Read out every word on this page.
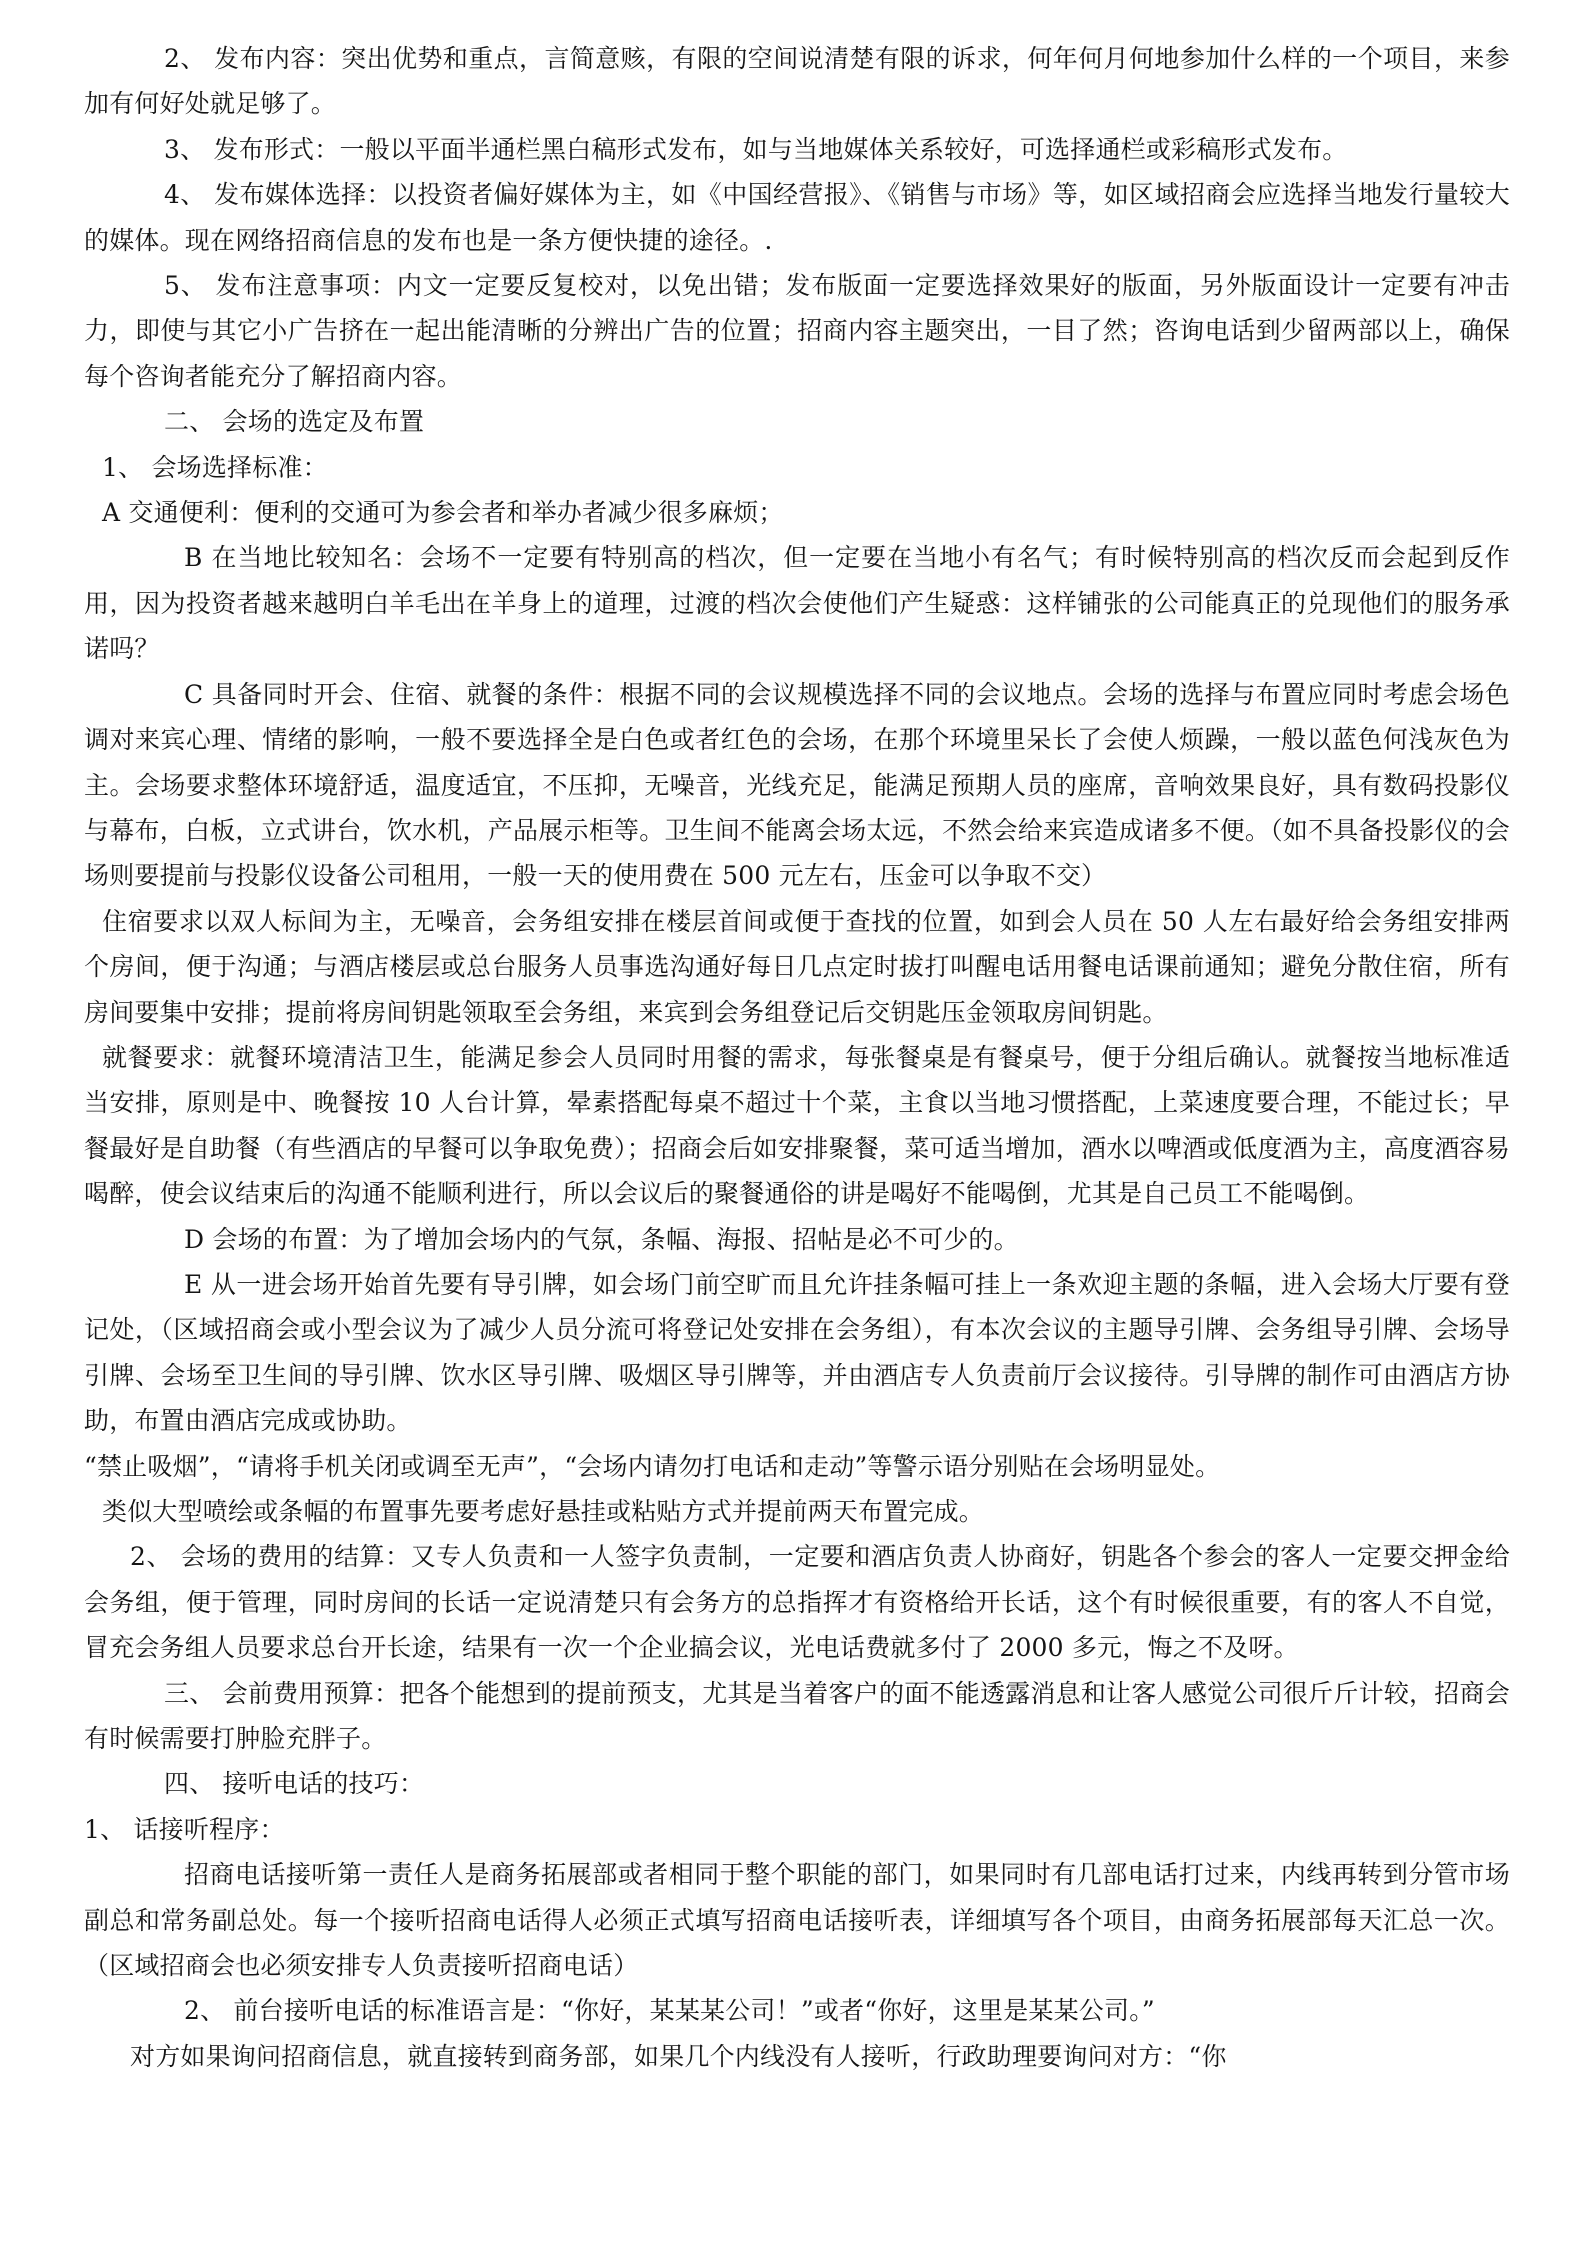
2、 发布内容：突出优势和重点，言简意赅，有限的空间说清楚有限的诉求，何年何月何地参加什么样的一个项目，来参加有何好处就足够了。

3、 发布形式：一般以平面半通栏黑白稿形式发布，如与当地媒体关系较好，可选择通栏或彩稿形式发布。

4、 发布媒体选择：以投资者偏好媒体为主，如《中国经营报》、《销售与市场》等，如区域招商会应选择当地发行量较大的媒体。现在网络招商信息的发布也是一条方便快捷的途径。.

5、 发布注意事项：内文一定要反复校对，以免出错；发布版面一定要选择效果好的版面，另外版面设计一定要有冲击力，即使与其它小广告挤在一起出能清晰的分辨出广告的位置；招商内容主题突出，一目了然；咨询电话到少留两部以上，确保每个咨询者能充分了解招商内容。

二、 会场的选定及布置

1、 会场选择标准：

A 交通便利：便利的交通可为参会者和举办者减少很多麻烦；

B 在当地比较知名：会场不一定要有特别高的档次，但一定要在当地小有名气；有时候特别高的档次反而会起到反作用，因为投资者越来越明白羊毛出在羊身上的道理，过渡的档次会使他们产生疑惑：这样铺张的公司能真正的兑现他们的服务承诺吗？

C 具备同时开会、住宿、就餐的条件：根据不同的会议规模选择不同的会议地点。会场的选择与布置应同时考虑会场色调对来宾心理、情绪的影响，一般不要选择全是白色或者红色的会场，在那个环境里呆长了会使人烦躁，一般以蓝色何浅灰色为主。会场要求整体环境舒适，温度适宜，不压抑，无噪音，光线充足，能满足预期人员的座席，音响效果良好，具有数码投影仪与幕布，白板，立式讲台，饮水机，产品展示柜等。卫生间不能离会场太远，不然会给来宾造成诸多不便。（如不具备投影仪的会场则要提前与投影仪设备公司租用，一般一天的使用费在 500 元左右，压金可以争取不交）

住宿要求以双人标间为主，无噪音，会务组安排在楼层首间或便于查找的位置，如到会人员在 50 人左右最好给会务组安排两个房间，便于沟通；与酒店楼层或总台服务人员事选沟通好每日几点定时拔打叫醒电话用餐电话课前通知；避免分散住宿，所有房间要集中安排；提前将房间钥匙领取至会务组，来宾到会务组登记后交钥匙压金领取房间钥匙。

就餐要求：就餐环境清洁卫生，能满足参会人员同时用餐的需求，每张餐桌是有餐桌号，便于分组后确认。就餐按当地标准适当安排，原则是中、晚餐按 10 人台计算，晕素搭配每桌不超过十个菜，主食以当地习惯搭配，上菜速度要合理，不能过长；早餐最好是自助餐（有些酒店的早餐可以争取免费）；招商会后如安排聚餐，菜可适当增加，酒水以啤酒或低度酒为主，高度酒容易喝醉，使会议结束后的沟通不能顺利进行，所以会议后的聚餐通俗的讲是喝好不能喝倒，尤其是自己员工不能喝倒。

D 会场的布置：为了增加会场内的气氛，条幅、海报、招帖是必不可少的。

E 从一进会场开始首先要有导引牌，如会场门前空旷而且允许挂条幅可挂上一条欢迎主题的条幅，进入会场大厅要有登记处，（区域招商会或小型会议为了减少人员分流可将登记处安排在会务组），有本次会议的主题导引牌、会务组导引牌、会场导引牌、会场至卫生间的导引牌、饮水区导引牌、吸烟区导引牌等，并由酒店专人负责前厅会议接待。引导牌的制作可由酒店方协助，布置由酒店完成或协助。

“禁止吸烟”，“请将手机关闭或调至无声”，“会场内请勿打电话和走动”等警示语分别贴在会场明显处。

类似大型喷绘或条幅的布置事先要考虑好悬挂或粘贴方式并提前两天布置完成。

2、 会场的费用的结算：又专人负责和一人签字负责制，一定要和酒店负责人协商好，钥匙各个参会的客人一定要交押金给会务组，便于管理，同时房间的长话一定说清楚只有会务方的总指挥才有资格给开长话，这个有时候很重要，有的客人不自觉，冒充会务组人员要求总台开长途，结果有一次一个企业搞会议，光电话费就多付了 2000 多元，悔之不及呀。

三、 会前费用预算：把各个能想到的提前预支，尤其是当着客户的面不能透露消息和让客人感觉公司很斤斤计较，招商会有时候需要打肿脸充胖子。

四、 接听电话的技巧：

1、 话接听程序：

招商电话接听第一责任人是商务拓展部或者相同于整个职能的部门，如果同时有几部电话打过来，内线再转到分管市场副总和常务副总处。每一个接听招商电话得人必须正式填写招商电话接听表，详细填写各个项目，由商务拓展部每天汇总一次。（区域招商会也必须安排专人负责接听招商电话）

2、 前台接听电话的标准语言是：“你好，某某某公司！”或者“你好，这里是某某公司。”

对方如果询问招商信息，就直接转到商务部，如果几个内线没有人接听，行政助理要询问对方：“你
